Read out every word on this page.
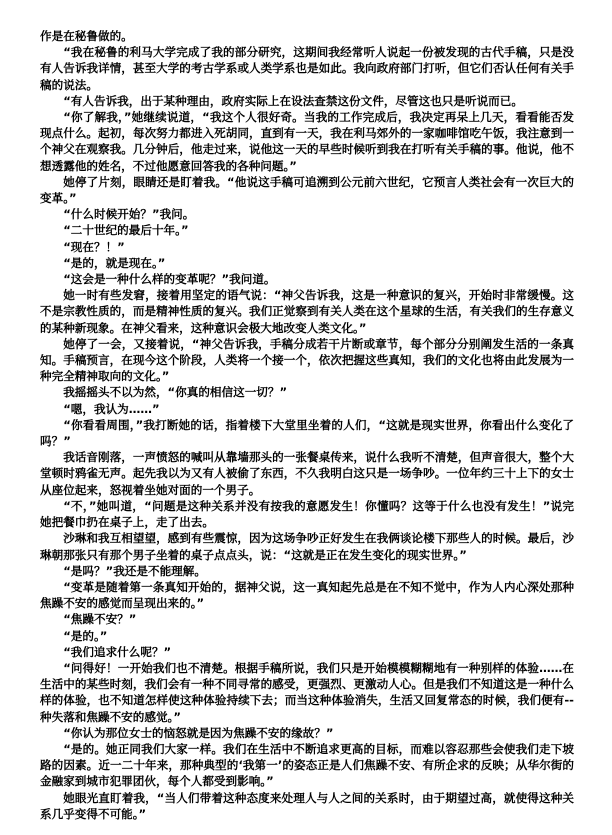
作是在秘鲁做的。

“我在秘鲁的利马大学完成了我的部分研究，这期间我经常听人说起一份被发现的古代手稿，只是没有人告诉我详情，甚至大学的考古学系或人类学系也是如此。我向政府部门打听，但它们否认任何有关手稿的说法。

“有人告诉我，出于某种理由，政府实际上在设法查禁这份文件，尽管这也只是听说而已。

“你了解我，”她继续说道，“我这个人很好奇。当我的工作完成后，我决定再呆上几天，看看能否发现点什么。起初，每次努力都进入死胡同，直到有一天，我在利马郊外的一家咖啡馆吃午饭，我注意到一个神父在观察我。几分钟后，他走过来，说他这一天的早些时候听到我在打听有关手稿的事。他说，他不想透露他的姓名，不过他愿意回答我的各种问题。”

她停了片刻，眼睛还是盯着我。“他说这手稿可追溯到公元前六世纪，它预言人类社会有一次巨大的变革。”

“什么时候开始？”我问。

“二十世纪的最后十年。”

“现在？！”

“是的，就是现在。”

“这会是一种什么样的变革呢？”我问道。

她一时有些发窘，接着用坚定的语气说：“神父告诉我，这是一种意识的复兴，开始时非常缓慢。这不是宗教性质的，而是精神性质的复兴。我们正觉察到有关人类在这个星球的生活，有关我们的生存意义的某种新现象。在神父看来，这种意识会极大地改变人类文化。”

她停了一会，又接着说，“神父告诉我，手稿分成若干片断或章节，每个部分分别阐发生活的一条真知。手稿预言，在现今这个阶段，人类将一个接一个，依次把握这些真知，我们的文化也将由此发展为一种完全精神取向的文化。”

我摇摇头不以为然，“你真的相信这一切？”

“嗯，我认为……”

“你看看周围，”我打断她的话，指着楼下大堂里坐着的人们，“这就是现实世界，你看出什么变化了吗？”

我话音刚落，一声愤怒的喊叫从靠墙那头的一张餐桌传来，说什么我听不清楚，但声音很大，整个大堂顿时鸦雀无声。起先我以为又有人被偷了东西，不久我明白这只是一场争吵。一位年约三十上下的女士从座位起来，怒视着坐她对面的一个男子。

“不，”她叫道，“问题是这种关系并没有按我的意愿发生！你懂吗？这等于什么也没有发生！”说完她把餐巾扔在桌子上，走了出去。

沙琳和我互相望望，感到有些震惊，因为这场争吵正好发生在我俩谈论楼下那些人的时候。最后，沙琳朝那张只有那个男子坐着的桌子点点头，说：“这就是正在发生变化的现实世界。”

“是吗？”我还是不能理解。

“变革是随着第一条真知开始的，据神父说，这一真知起先总是在不知不觉中，作为人内心深处那种焦躁不安的感觉而呈现出来的。”

“焦躁不安？”

“是的。”

“我们追求什么呢？”

“问得好！一开始我们也不清楚。根据手稿所说，我们只是开始模模糊糊地有一种别样的体验……在生活中的某些时刻，我们会有一种不同寻常的感受，更强烈、更激动人心。但是我们不知道这是一种什么样的体验，也不知道怎样使这种体验持续下去；而当这种体验消失，生活又回复常态的时候，我们便有--种失落和焦躁不安的感觉。”

“你认为那位女士的恼怒就是因为焦躁不安的缘故？”

“是的。她正同我们大家一样。我们在生活中不断追求更高的目标，而难以容忍那些会使我们走下坡路的因素。近一二十年来，那种典型的‘我第一’的姿态正是人们焦躁不安、有所企求的反映；从华尔街的金融家到城市犯罪团伙，每个人都受到影响。”

她眼光直盯着我，“当人们带着这种态度来处理人与人之间的关系时，由于期望过高，就使得这种关系几乎变得不可能。”
